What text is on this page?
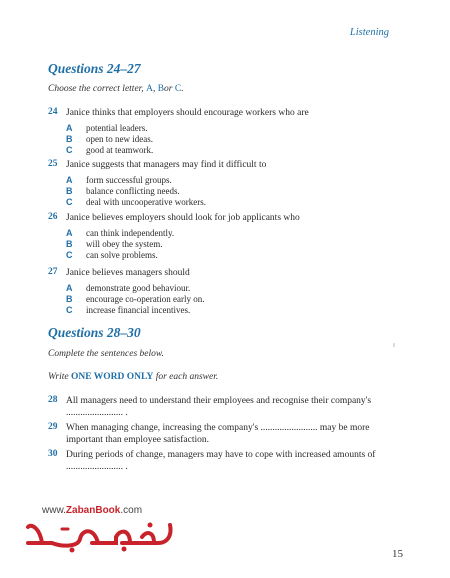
Listening
Questions 24–27
Choose the correct letter, A, Bor C.
24 Janice thinks that employers should encourage workers who are
A potential leaders.
B open to new ideas.
C good at teamwork.
25 Janice suggests that managers may find it difficult to
A form successful groups.
B balance conflicting needs.
C deal with uncooperative workers.
26 Janice believes employers should look for job applicants who
A can think independently.
B will obey the system.
C can solve problems.
27 Janice believes managers should
A demonstrate good behaviour.
B encourage co-operation early on.
C increase financial incentives.
Questions 28–30
Complete the sentences below.
Write ONE WORD ONLY for each answer.
28 All managers need to understand their employees and recognise their company's
........................ .
29 When managing change, increasing the company's ........................ may be more
important than employee satisfaction.
30 During periods of change, managers may have to cope with increased amounts of
........................ .
www.ZabanBook.com
15
